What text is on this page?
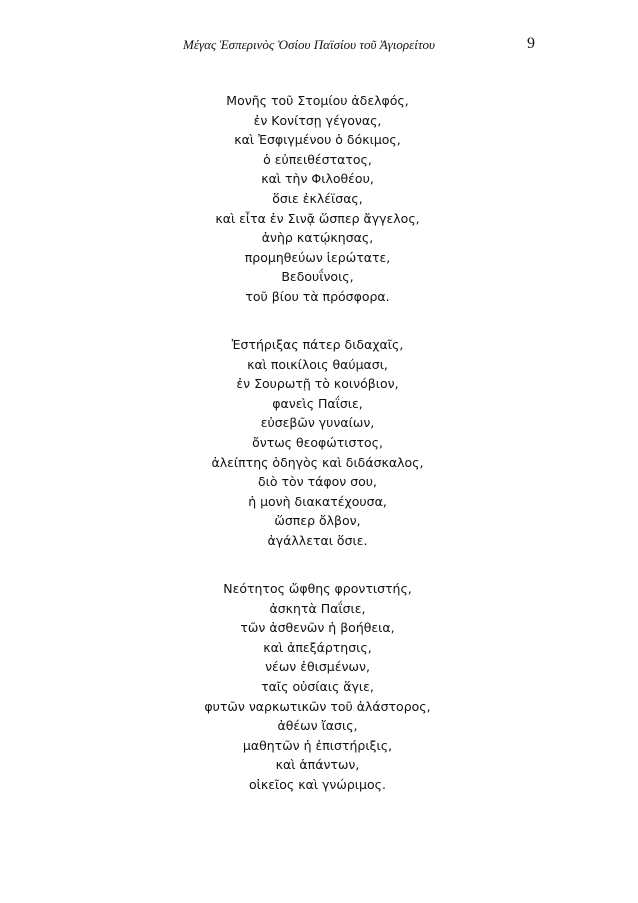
Μέγας Ἑσπερινὸς Ὁσίου Παϊσίου τοῦ Ἁγιορείτου	9
Μονῆς τοῦ Στομίου ἀδελφός,
ἐν Κονίτσῃ γέγονας,
καὶ Ἐσφιγμένου ὁ δόκιμος,
ὁ εὐπειθέστατος,
καὶ τὴν Φιλοθέου,
ὅσιε ἐκλέϊσας,
καὶ εἶτα ἐν Σινᾷ ὥσπερ ἄγγελος,
ἀνὴρ κατῴκησας,
προμηθεύων ἱερώτατε,
Βεδουΐνοις,
τοῦ βίου τὰ πρόσφορα.
Ἐστήριξας πάτερ διδαχαῖς,
καὶ ποικίλοις θαύμασι,
ἐν Σουρωτῇ τὸ κοινόβιον,
φανεὶς Παΐσιε,
εὐσεβῶν γυναίων,
ὄντως θεοφώτιστος,
ἀλείπτης ὁδηγὸς καὶ διδάσκαλος,
διὸ τὸν τάφον σου,
ἡ μονὴ διακατέχουσα,
ὥσπερ ὄλβον,
ἀγάλλεται ὅσιε.
Νεότητος ὤφθης φροντιστής,
ἀσκητὰ Παΐσιε,
τῶν ἀσθενῶν ἡ βοήθεια,
καὶ ἀπεξάρτησις,
νέων ἐθισμένων,
ταῖς οὐσίαις ἅγιε,
φυτῶν ναρκωτικῶν τοῦ ἀλάστορος,
ἀθέων ἴασις,
μαθητῶν ἡ ἐπιστήριξις,
καὶ ἁπάντων,
οἰκεῖος καὶ γνώριμος.
